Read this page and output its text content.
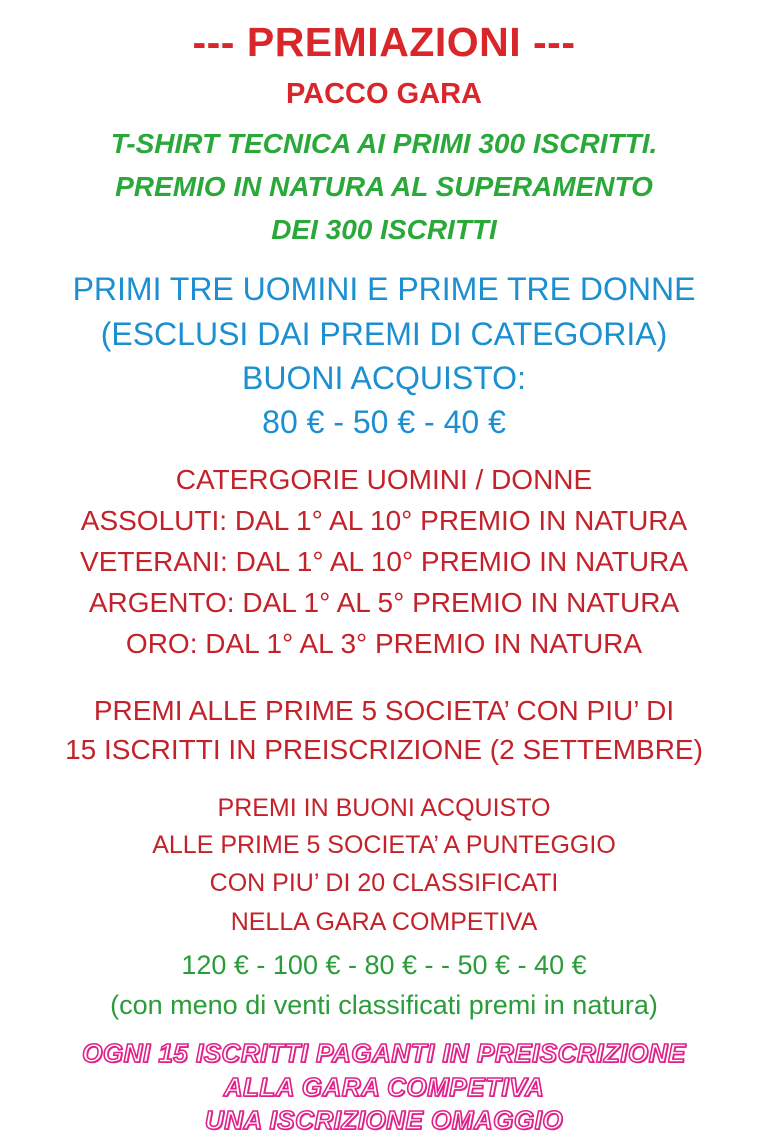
--- PREMIAZIONI ---
PACCO GARA
T-SHIRT TECNICA AI PRIMI 300 ISCRITTI.
PREMIO IN NATURA AL SUPERAMENTO
DEI 300 ISCRITTI
PRIMI TRE UOMINI E PRIME TRE DONNE
(ESCLUSI DAI PREMI DI CATEGORIA)
BUONI ACQUISTO:
80 € - 50 € - 40 €
CATERGORIE UOMINI / DONNE
ASSOLUTI: DAL 1° AL 10° PREMIO IN NATURA
VETERANI: DAL 1° AL 10° PREMIO IN NATURA
ARGENTO: DAL 1° AL 5° PREMIO IN NATURA
ORO: DAL 1° AL 3° PREMIO IN NATURA
PREMI ALLE PRIME 5 SOCIETA’ CON PIU’ DI
15 ISCRITTI IN PREISCRIZIONE (2 SETTEMBRE)
PREMI IN BUONI ACQUISTO
ALLE PRIME 5 SOCIETA’ A PUNTEGGIO
CON PIU’ DI 20 CLASSIFICATI
NELLA GARA COMPETIVA
120 € - 100 € - 80 € - - 50 € - 40 €
(con meno di venti classificati premi in natura)
OGNI 15 ISCRITTI PAGANTI IN PREISCRIZIONE
ALLA GARA COMPETIVA
UNA ISCRIZIONE OMAGGIO
